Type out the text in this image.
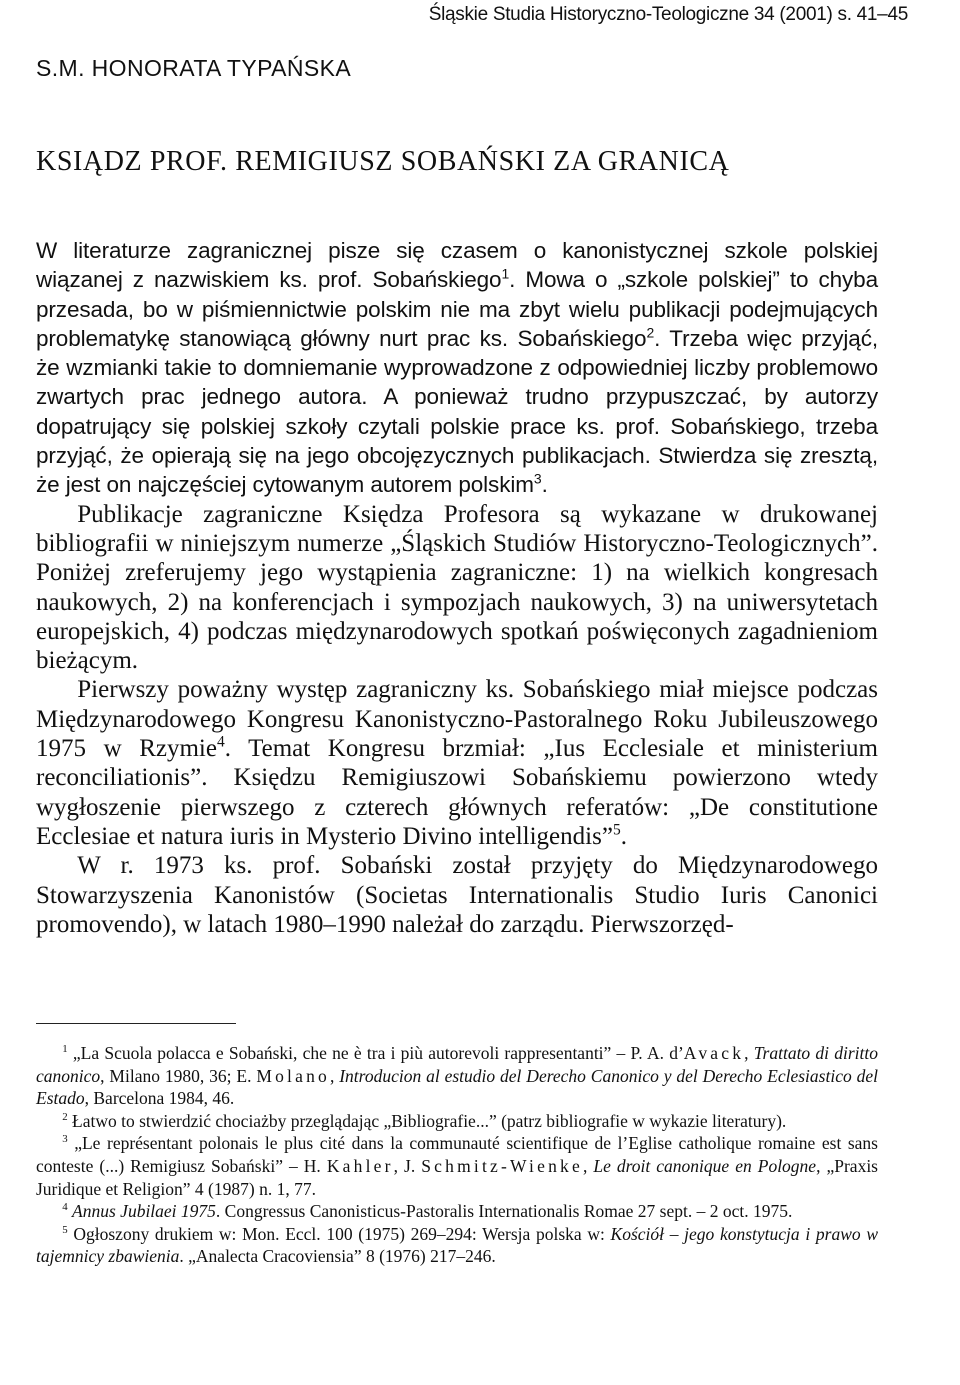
Śląskie Studia Historyczno-Teologiczne 34 (2001) s. 41–45
S.M. HONORATA TYPAŃSKA
KSIĄDZ PROF. REMIGIUSZ SOBAŃSKI ZA GRANICĄ

W literaturze zagranicznej pisze się czasem o kanonistycznej szkole polskiej wiązanej z nazwiskiem ks. prof. Sobańskiego$^1$. Mowa o „szkole polskiej” to chyba przesada, bo w piśmiennictwie polskim nie ma zbyt wielu publikacji podejmujących problematykę stanowiącą główny nurt prac ks. Sobańskiego$^2$. Trzeba więc przyjąć, że wzmianki takie to domniemanie wyprowadzone z odpowiedniej liczby problemowo zwartych prac jednego autora. A ponieważ trudno przypuszczać, by autorzy dopatrujący się polskiej szkoły czytali polskie prace ks. prof. Sobańskiego, trzeba przyjąć, że opierają się na jego obcojęzycznych publikacjach. Stwierdza się zresztą, że jest on najczęściej cytowanym autorem polskim$^3$.

Publikacje zagraniczne Księdza Profesora są wykazane w drukowanej bibliografii w niniejszym numerze „Śląskich Studiów Historyczno-Teologicznych”. Poniżej zreferujemy jego wystąpienia zagraniczne: 1) na wielkich kongresach naukowych, 2) na konferencjach i sympozjach naukowych, 3) na uniwersytetach europejskich, 4) podczas międzynarodowych spotkań poświęconych zagadnieniom bieżącym.

Pierwszy poważny występ zagraniczny ks. Sobańskiego miał miejsce podczas Międzynarodowego Kongresu Kanonistyczno-Pastoralnego Roku Jubileuszowego 1975 w Rzymie$^4$. Temat Kongresu brzmiał: „Ius Ecclesiale et ministerium reconciliationis”. Księdzu Remigiuszowi Sobańskiemu powierzono wtedy wygłoszenie pierwszego z czterech głównych referatów: „De constitutione Ecclesiae et natura iuris in Mysterio Divino intelligendis”$^5$.

W r. 1973 ks. prof. Sobański został przyjęty do Międzynarodowego Stowarzyszenia Kanonistów (Societas Internationalis Studio Iuris Canonici promovendo), w latach 1980–1990 należał do zarządu. Pierwszorzęd-

$^1$ „La Scuola polacca e Sobański, che ne è tra i più autorevoli rappresentanti” – P. A. d’Avack, Trattato di diritto canonico, Milano 1980, 36; E. Molano, Introducion al estudio del Derecho Canonico y del Derecho Eclesiastico del Estado, Barcelona 1984, 46.

$^2$ Łatwo to stwierdzić chociażby przeglądając „Bibliografie...” (patrz bibliografie w wykazie literatury).

$^3$ „Le représentant polonais le plus cité dans la communauté scientifique de l’Eglise catholique romaine est sans conteste (...) Remigiusz Sobański” – H. Kahler, J. Schmitz-Wienke, Le droit canonique en Pologne, „Praxis Juridique et Religion” 4 (1987) n. 1, 77.

$^4$ Annus Jubilaei 1975. Congressus Canonisticus-Pastoralis Internationalis Romae 27 sept. – 2 oct. 1975.

$^5$ Ogłoszony drukiem w: Mon. Eccl. 100 (1975) 269–294: Wersja polska w: Kościół – jego konstytucja i prawo w tajemnicy zbawienia. „Analecta Cracoviensia” 8 (1976) 217–246.
